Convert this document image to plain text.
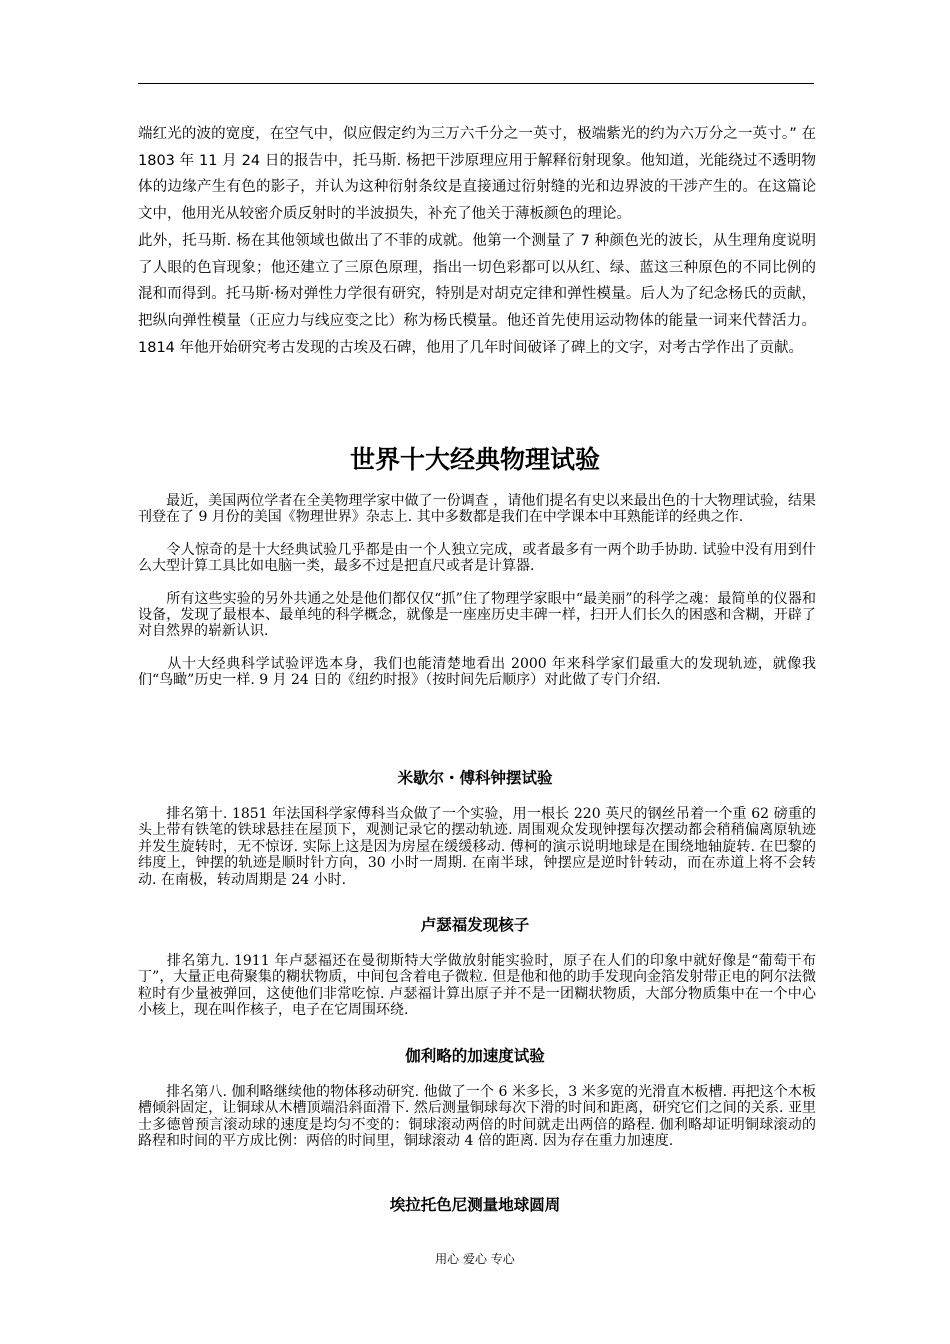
端红光的波的宽度，在空气中，似应假定约为三万六千分之一英寸，极端紫光的约为六万分之一英寸。” 在 1803 年 11 月 24 日的报告中，托马斯. 杨把干涉原理应用于解释衍射现象。他知道，光能绕过不透明物体的边缘产生有色的影子，并认为这种衍射条纹是直接通过衍射缝的光和边界波的干涉产生的。在这篇论文中，他用光从较密介质反射时的半波损失，补充了他关于薄板颜色的理论。

此外，托马斯. 杨在其他领域也做出了不菲的成就。他第一个测量了 7 种颜色光的波长，从生理角度说明了人眼的色盲现象；他还建立了三原色原理，指出一切色彩都可以从红、绿、蓝这三种原色的不同比例的混和而得到。托马斯·杨对弹性力学很有研究，特别是对胡克定律和弹性模量。后人为了纪念杨氏的贡献，把纵向弹性模量（正应力与线应变之比）称为杨氏模量。他还首先使用运动物体的能量一词来代替活力。1814 年他开始研究考古发现的古埃及石碑，他用了几年时间破译了碑上的文字，对考古学作出了贡献。

世界十大经典物理试验

　　最近，美国两位学者在全美物理学家中做了一份调查 ，请他们提名有史以来最出色的十大物理试验，结果刊登在了 9 月份的美国《物理世界》杂志上. 其中多数都是我们在中学课本中耳熟能详的经典之作.

　　令人惊奇的是十大经典试验几乎都是由一个人独立完成，或者最多有一两个助手协助. 试验中没有用到什么大型计算工具比如电脑一类，最多不过是把直尺或者是计算器.

　　所有这些实验的另外共通之处是他们都仅仅“抓”住了物理学家眼中“最美丽”的科学之魂：最简单的仪器和设备，发现了最根本、最单纯的科学概念，就像是一座座历史丰碑一样，扫开人们长久的困惑和含糊，开辟了对自然界的崭新认识.

　　从十大经典科学试验评选本身，我们也能清楚地看出 2000 年来科学家们最重大的发现轨迹，就像我们“鸟瞰”历史一样. 9 月 24 日的《纽约时报》（按时间先后顺序）对此做了专门介绍.

米歇尔・傅科钟摆试验

　　排名第十. 1851 年法国科学家傅科当众做了一个实验，用一根长 220 英尺的钢丝吊着一个重 62 磅重的头上带有铁笔的铁球悬挂在屋顶下，观测记录它的摆动轨迹. 周围观众发现钟摆每次摆动都会稍稍偏离原轨迹并发生旋转时，无不惊讶. 实际上这是因为房屋在缓缓移动. 傅柯的演示说明地球是在围绕地轴旋转. 在巴黎的纬度上，钟摆的轨迹是顺时针方向，30 小时一周期. 在南半球，钟摆应是逆时针转动，而在赤道上将不会转动. 在南极，转动周期是 24 小时.

卢瑟福发现核子

　　排名第九. 1911 年卢瑟福还在曼彻斯特大学做放射能实验时，原子在人们的印象中就好像是“葡萄干布丁”，大量正电荷聚集的糊状物质，中间包含着电子微粒. 但是他和他的助手发现向金箔发射带正电的阿尔法微粒时有少量被弹回，这使他们非常吃惊. 卢瑟福计算出原子并不是一团糊状物质，大部分物质集中在一个中心小核上，现在叫作核子，电子在它周围环绕.

伽利略的加速度试验

　　排名第八. 伽利略继续他的物体移动研究. 他做了一个 6 米多长，3 米多宽的光滑直木板槽. 再把这个木板槽倾斜固定，让铜球从木槽顶端沿斜面滑下. 然后测量铜球每次下滑的时间和距离，研究它们之间的关系. 亚里士多德曾预言滚动球的速度是均匀不变的：铜球滚动两倍的时间就走出两倍的路程. 伽利略却证明铜球滚动的路程和时间的平方成比例：两倍的时间里，铜球滚动 4 倍的距离. 因为存在重力加速度.

埃拉托色尼测量地球圆周
用心 爱心 专心
